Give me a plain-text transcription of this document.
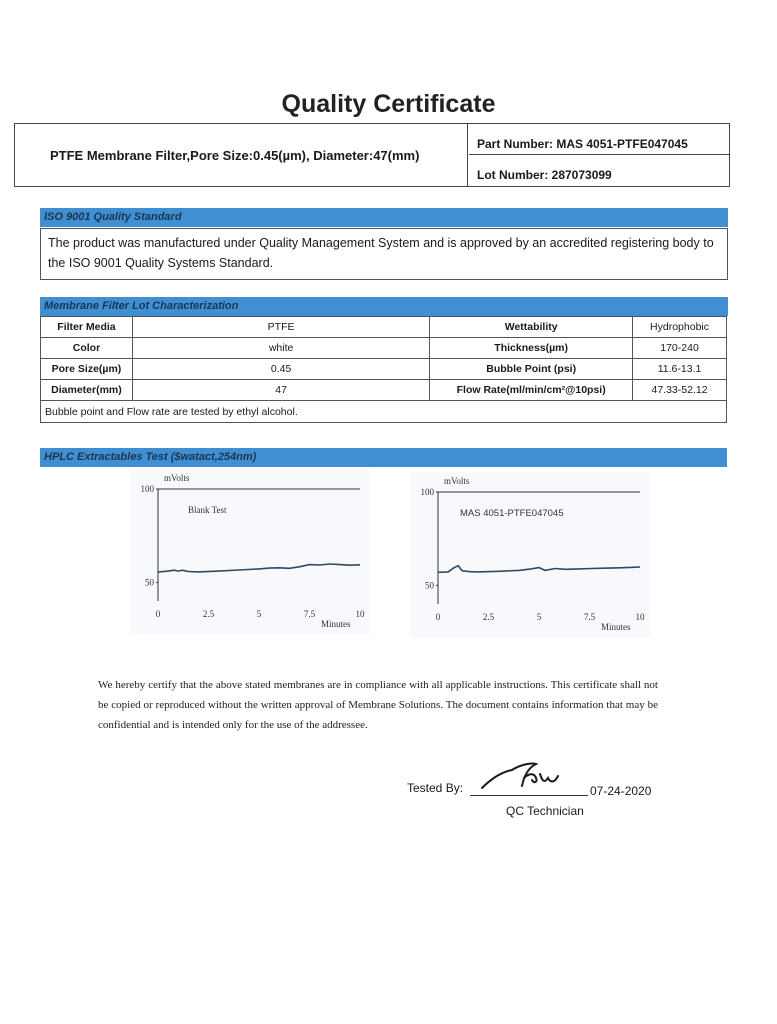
Quality Certificate
PTFE Membrane Filter,Pore Size:0.45(µm), Diameter:47(mm)
Part Number: MAS 4051-PTFE047045
Lot Number: 287073099
ISO 9001 Quality Standard
The product was manufactured under Quality Management System and is approved by an accredited registering body to the ISO 9001 Quality Systems Standard.
Membrane Filter Lot Characterization
Filter Media	PTFE	Wettability	Hydrophobic
Color	white	Thickness(µm)	170-240
Pore Size(µm)	0.45	Bubble Point (psi)	11.6-13.1
Diameter(mm)	47	Flow Rate(ml/min/cm²@10psi)	47.33-52.12
Bubble point and Flow rate are tested by ethyl alcohol.			
HPLC Extractables Test ($watact,254nm)
mVolts
100
50
0	2.5	5	7.5	10
Minutes
Blank Test
mVolts
100
50
0	2.5	5	7.5	10
Minutes
MAS 4051-PTFE047045
We hereby certify that the above stated membranes are in compliance with all applicable instructions. This certificate shall not be copied or reproduced without the written approval of Membrane Solutions. The document contains information that may be confidential and is intended only for the use of the addressee.
Tested By:	07-24-2020
QC Technician
